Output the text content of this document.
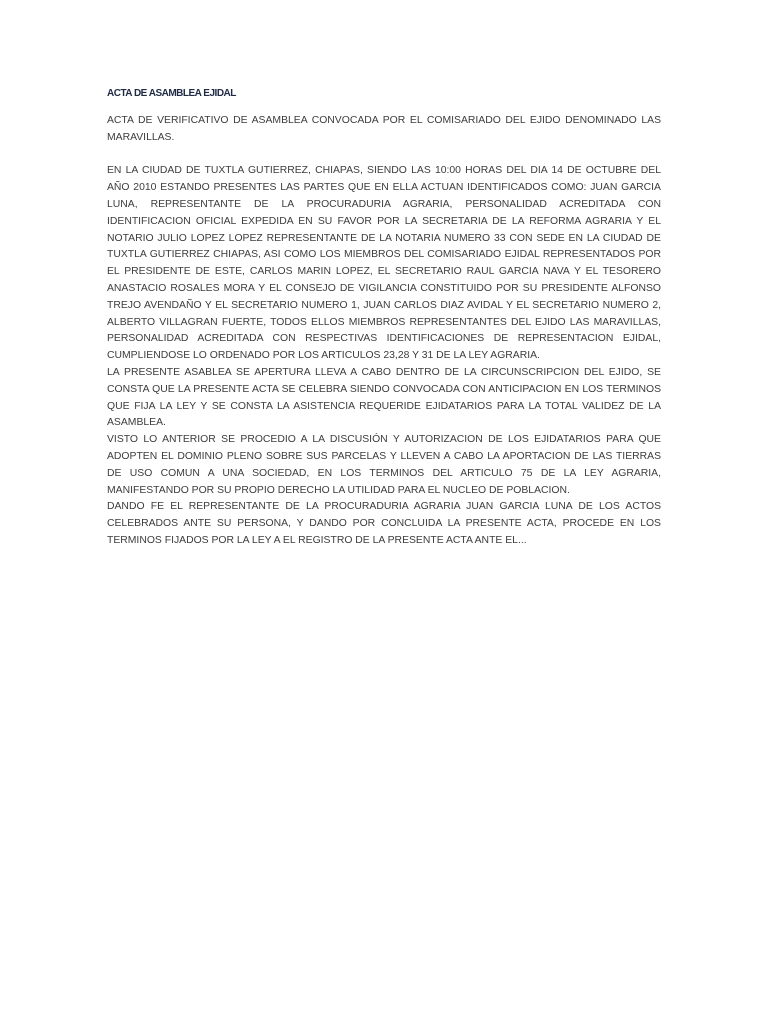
ACTA DE ASAMBLEA EJIDAL

ACTA DE VERIFICATIVO DE ASAMBLEA CONVOCADA POR EL COMISARIADO DEL EJIDO DENOMINADO LAS MARAVILLAS.

EN LA CIUDAD DE TUXTLA GUTIERREZ, CHIAPAS, SIENDO LAS 10:00 HORAS DEL DIA 14 DE OCTUBRE DEL AÑO 2010 ESTANDO PRESENTES LAS PARTES QUE EN ELLA ACTUAN IDENTIFICADOS COMO: JUAN GARCIA LUNA, REPRESENTANTE DE LA PROCURADURIA AGRARIA, PERSONALIDAD ACREDITADA CON IDENTIFICACION OFICIAL EXPEDIDA EN SU FAVOR POR LA SECRETARIA DE LA REFORMA AGRARIA Y EL NOTARIO JULIO LOPEZ LOPEZ REPRESENTANTE DE LA NOTARIA NUMERO 33 CON SEDE EN LA CIUDAD DE TUXTLA GUTIERREZ CHIAPAS, ASI COMO LOS MIEMBROS DEL COMISARIADO EJIDAL REPRESENTADOS POR EL PRESIDENTE DE ESTE, CARLOS MARIN LOPEZ, EL SECRETARIO RAUL GARCIA NAVA Y EL TESORERO ANASTACIO ROSALES MORA Y EL CONSEJO DE VIGILANCIA CONSTITUIDO POR SU PRESIDENTE ALFONSO TREJO AVENDAÑO Y EL SECRETARIO NUMERO 1, JUAN CARLOS DIAZ AVIDAL Y EL SECRETARIO NUMERO 2, ALBERTO VILLAGRAN FUERTE, TODOS ELLOS MIEMBROS REPRESENTANTES DEL EJIDO LAS MARAVILLAS, PERSONALIDAD ACREDITADA CON RESPECTIVAS IDENTIFICACIONES DE REPRESENTACION EJIDAL, CUMPLIENDOSE LO ORDENADO POR LOS ARTICULOS 23,28 Y 31 DE LA LEY AGRARIA.

LA PRESENTE ASABLEA SE APERTURA LLEVA A CABO DENTRO DE LA CIRCUNSCRIPCION DEL EJIDO, SE CONSTA QUE LA PRESENTE ACTA SE CELEBRA SIENDO CONVOCADA CON ANTICIPACION EN LOS TERMINOS QUE FIJA LA LEY Y SE CONSTA LA ASISTENCIA REQUERIDE EJIDATARIOS PARA LA TOTAL VALIDEZ DE LA ASAMBLEA.

VISTO LO ANTERIOR SE PROCEDIO A LA DISCUSIÓN Y AUTORIZACION DE LOS EJIDATARIOS PARA QUE ADOPTEN EL DOMINIO PLENO SOBRE SUS PARCELAS Y LLEVEN A CABO LA APORTACION DE LAS TIERRAS DE USO COMUN A UNA SOCIEDAD, EN LOS TERMINOS DEL ARTICULO 75 DE LA LEY AGRARIA, MANIFESTANDO POR SU PROPIO DERECHO LA UTILIDAD PARA EL NUCLEO DE POBLACION.

DANDO FE EL REPRESENTANTE DE LA PROCURADURIA AGRARIA JUAN GARCIA LUNA DE LOS ACTOS CELEBRADOS ANTE SU PERSONA, Y DANDO POR CONCLUIDA LA PRESENTE ACTA, PROCEDE EN LOS TERMINOS FIJADOS POR LA LEY A EL REGISTRO DE LA PRESENTE ACTA ANTE EL...
